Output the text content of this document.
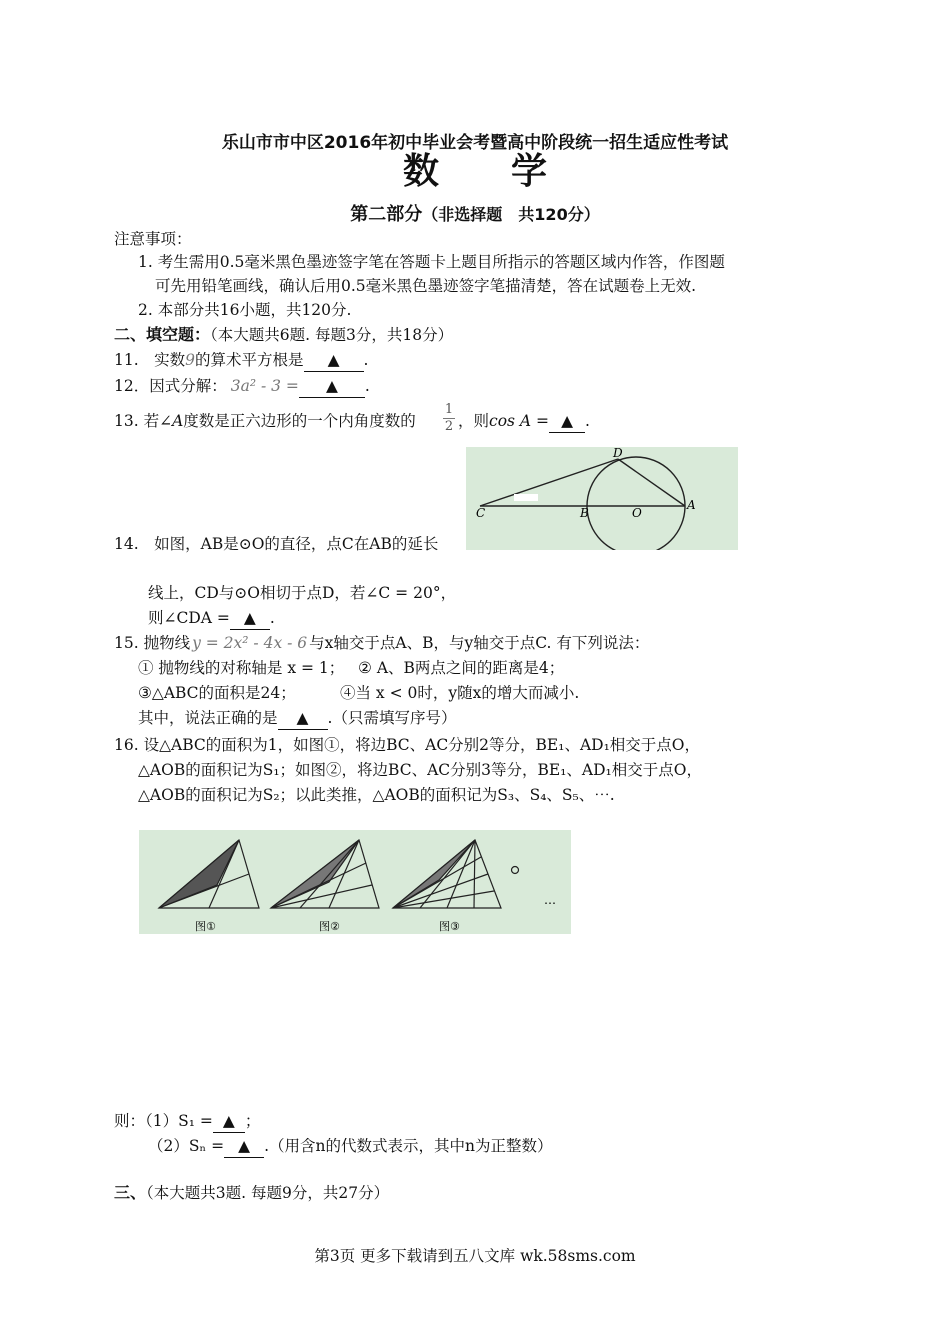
乐山市市中区2016年初中毕业会考暨高中阶段统一招生适应性考试
数　　学
第二部分（非选择题　共120分）
注意事项：
1. 考生需用0.5毫米黑色墨迹签字笔在答题卡上题目所指示的答题区域内作答，作图题
可先用铅笔画线，确认后用0.5毫米黑色墨迹签字笔描清楚，答在试题卷上无效.
2. 本部分共16小题，共120分.
二、填空题：（本大题共6题. 每题3分，共18分）
11.　实数9的算术平方根是 ▲ .
12．因式分解： 3a² - 3 = ▲ .
13. 若∠A度数是正六边形的一个内角度数的 $\frac{1}{2}$ ，则cos A = ▲ .
C	B	O
A
D
14.　如图，AB是⊙O的直径，点C在AB的延长
线上，CD与⊙O相切于点D，若∠C = 20°，
则∠CDA = ▲ .
15. 抛物线 y = 2x² - 4x - 6 与x轴交于点A、B，与y轴交于点C. 有下列说法：
① 抛物线的对称轴是 x = 1； ② A、B两点之间的距离是4；
③△ABC的面积是24；	④当 x < 0时，y随x的增大而减小.
其中，说法正确的是 ▲ .（只需填写序号）
16. 设△ABC的面积为1，如图①，将边BC、AC分别2等分，BE₁、AD₁相交于点O，
△AOB的面积记为S₁；如图②，将边BC、AC分别3等分，BE₁、AD₁相交于点O，
△AOB的面积记为S₂；以此类推，△AOB的面积记为S₃、S₄、S₅、⋯.
图①	图②	图③
…
则：（1）S₁ = ▲ ；
（2）Sₙ = ▲ .（用含n的代数式表示，其中n为正整数）
三、（本大题共3题. 每题9分，共27分）
第3页 更多下载请到五八文库 wk.58sms.com
